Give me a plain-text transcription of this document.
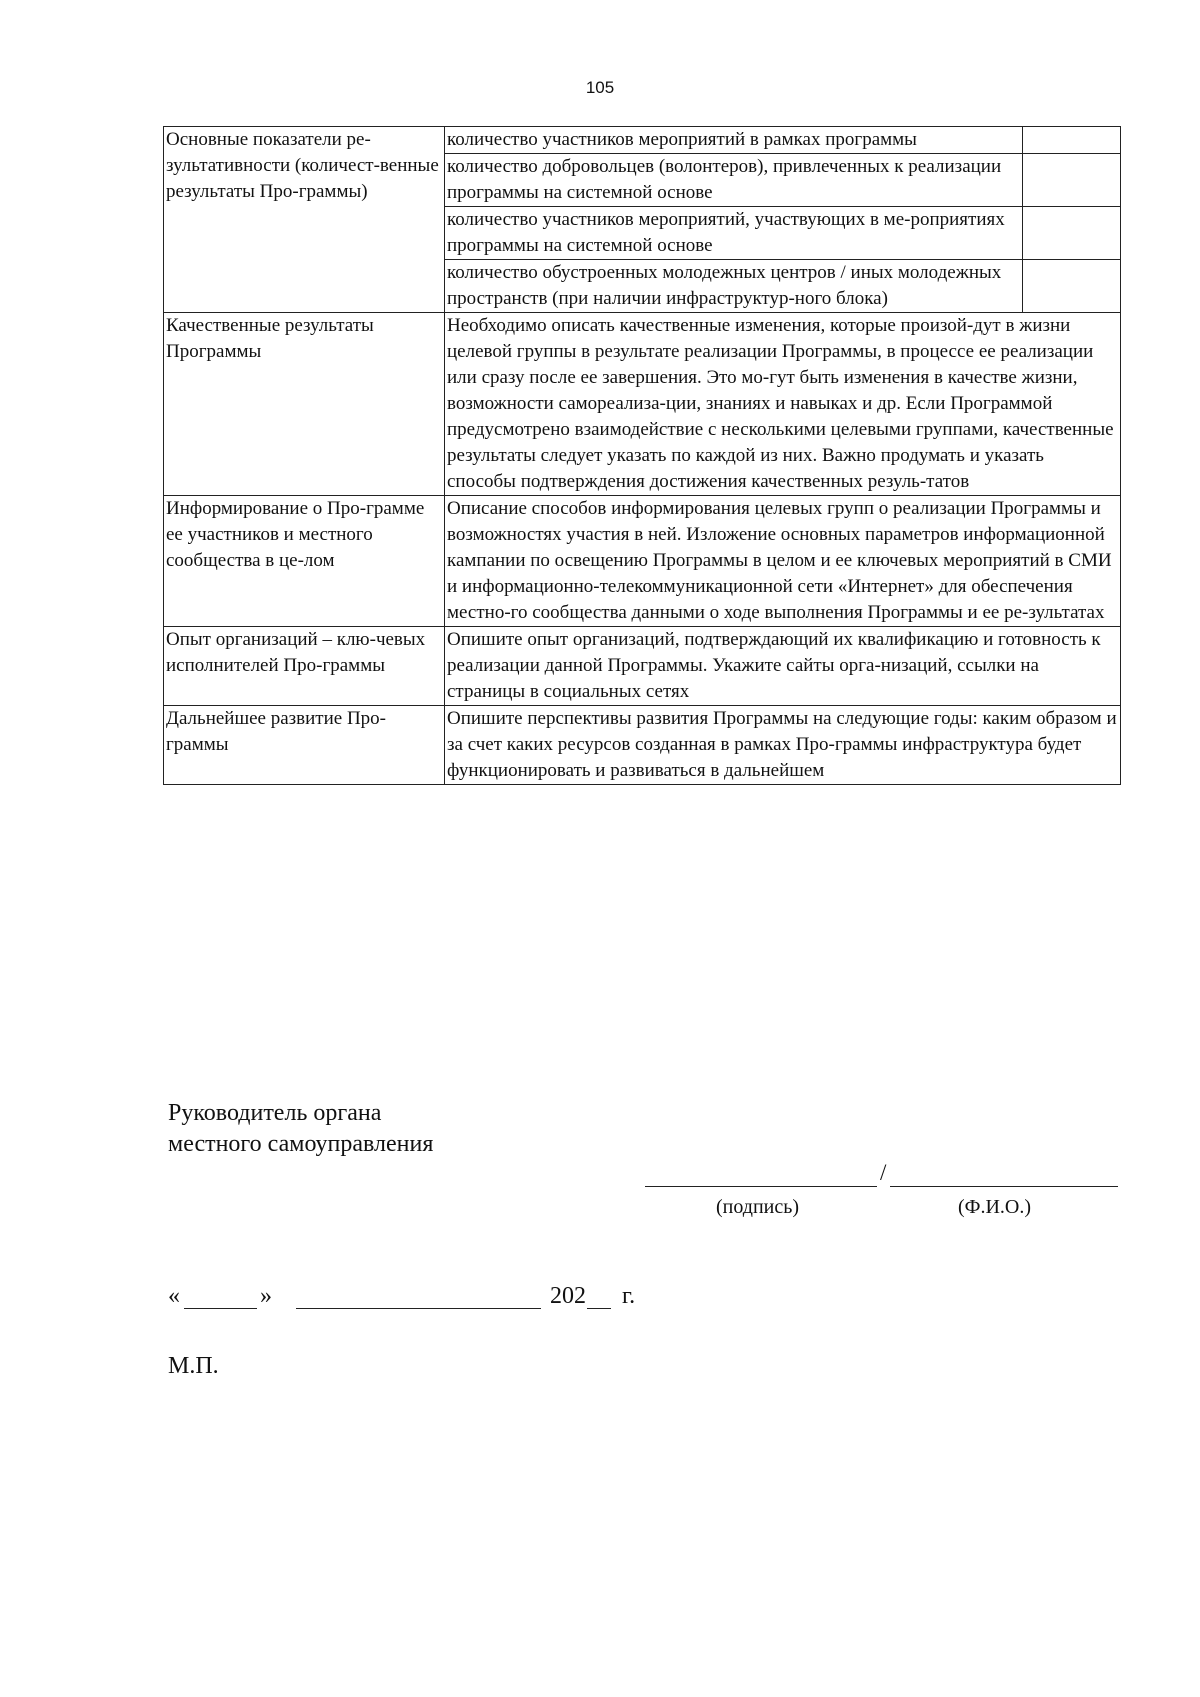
105
Основные показатели ре-зультативности (количест-венные результаты Про-граммы)	количество участников мероприятий в рамках программы	
	количество добровольцев (волонтеров), привлеченных к реализации программы на системной основе	
	количество участников мероприятий, участвующих в ме-роприятиях программы на системной основе	
	количество обустроенных молодежных центров / иных молодежных пространств (при наличии инфраструктур-ного блока)	
Качественные результаты Программы	Необходимо описать качественные изменения, которые произой-дут в жизни целевой группы в результате реализации Программы, в процессе ее реализации или сразу после ее завершения. Это мо-гут быть изменения в качестве жизни, возможности самореализа-ции, знаниях и навыках и др. Если Программой предусмотрено взаимодействие с несколькими целевыми группами, качественные результаты следует указать по каждой из них. Важно продумать и указать способы подтверждения достижения качественных резуль-татов	
Информирование о Про-грамме ее участников и местного сообщества в це-лом	Описание способов информирования целевых групп о реализации Программы и возможностях участия в ней. Изложение основных параметров информационной кампании по освещению Программы в целом и ее ключевых мероприятий в СМИ и информационно-телекоммуникационной сети «Интернет» для обеспечения местно-го сообщества данными о ходе выполнения Программы и ее ре-зультатах	
Опыт организаций – клю-чевых исполнителей Про-граммы	Опишите опыт организаций, подтверждающий их квалификацию и готовность к реализации данной Программы. Укажите сайты орга-низаций, ссылки на страницы в социальных сетях	
Дальнейшее развитие Про-граммы	Опишите перспективы развития Программы на следующие годы: каким образом и за счет каких ресурсов созданная в рамках Про-граммы инфраструктура будет функционировать и развиваться в дальнейшем	
Руководитель органа
местного самоуправления
/
(подпись)	(Ф.И.О.)
«	»	202 г.
М.П.
